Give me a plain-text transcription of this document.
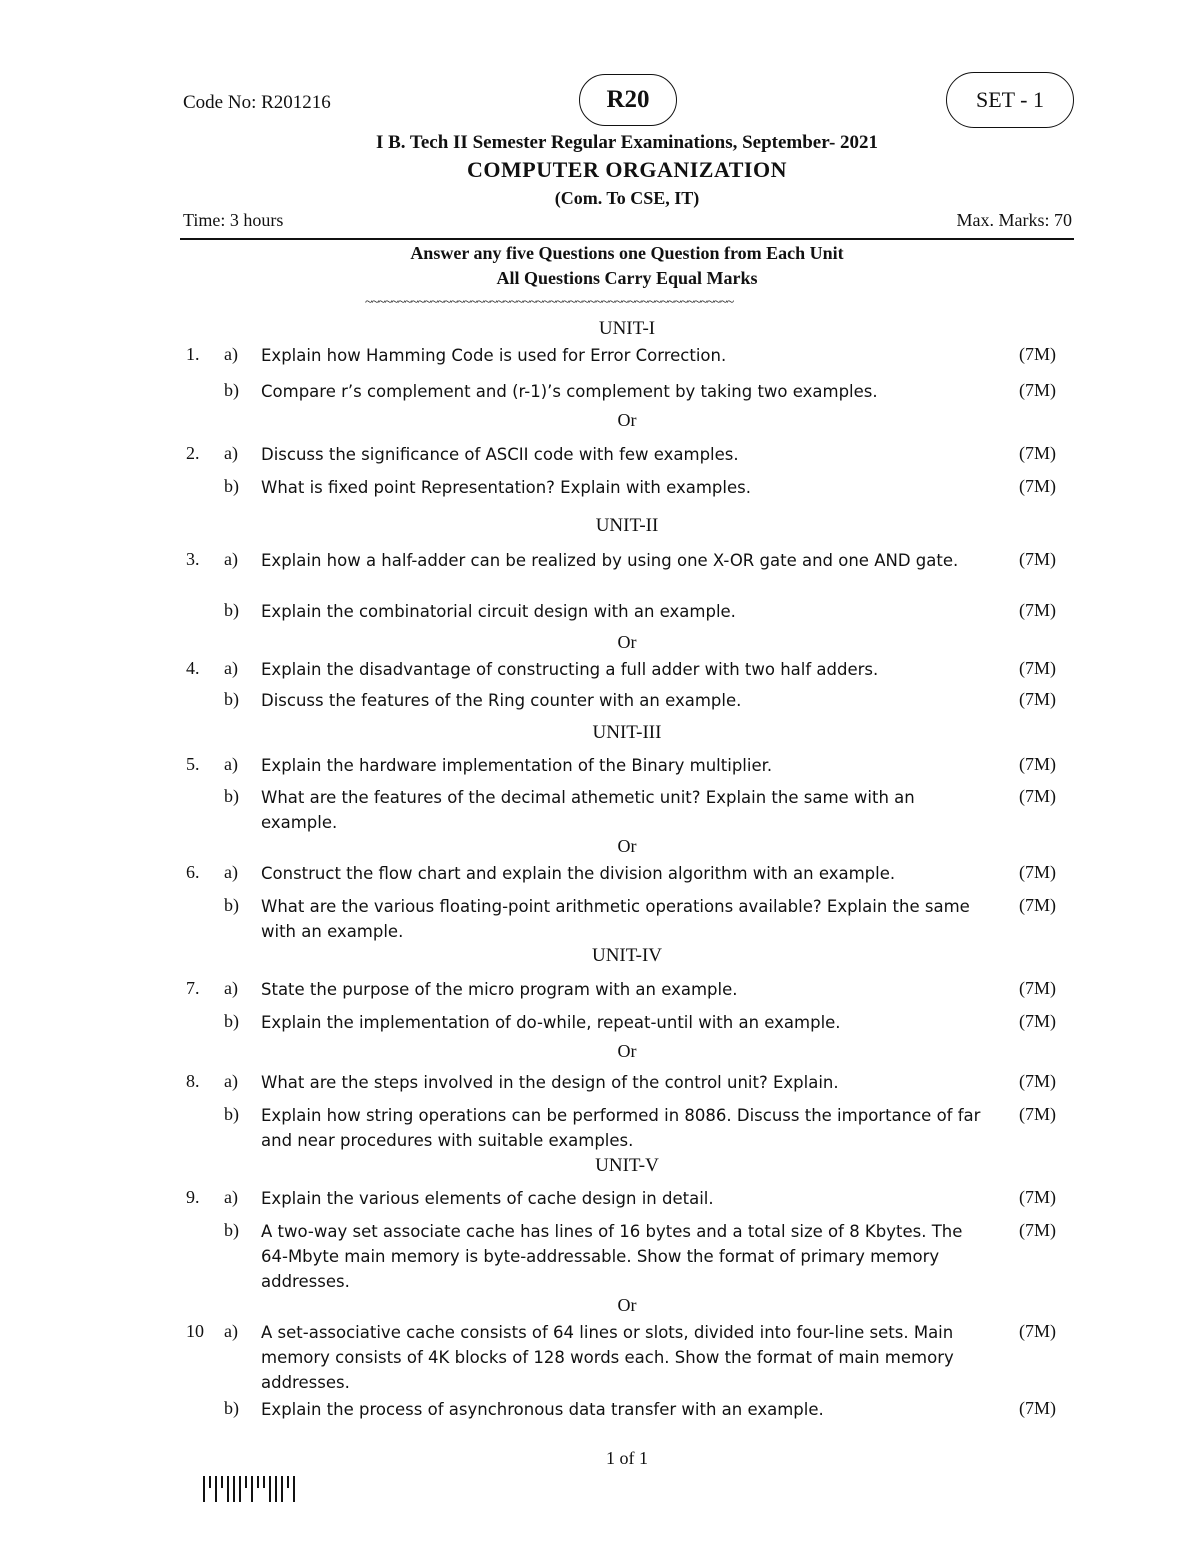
Code No: R201216	R20	SET - 1
I B. Tech II Semester Regular Examinations, September- 2021
COMPUTER ORGANIZATION
(Com. To CSE, IT)
Time: 3 hours	Max. Marks: 70
Answer any five Questions one Question from Each Unit
All Questions Carry Equal Marks
~~~~~~~~~~~~~~~~~~~~~~~~~~~~~~~~~~~~~~~~~~~~~~~~~~~~~~~~
UNIT-I
1.	a) Explain how Hamming Code is used for Error Correction.	(7M)
b) Compare r’s complement and (r-1)’s complement by taking two examples.	(7M)
Or
2.	a) Discuss the significance of ASCII code with few examples.	(7M)
b) What is fixed point Representation? Explain with examples.	(7M)
UNIT-II
3.	a) Explain how a half-adder can be realized by using one X-OR gate and one AND gate.	(7M)
b) Explain the combinatorial circuit design with an example.	(7M)
Or
4.	a) Explain the disadvantage of constructing a full adder with two half adders.	(7M)
b) Discuss the features of the Ring counter with an example.	(7M)
UNIT-III
5.	a) Explain the hardware implementation of the Binary multiplier.	(7M)
b) What are the features of the decimal athemetic unit? Explain the same with an example.
(7M)
Or
6.	a) Construct the flow chart and explain the division algorithm with an example.	(7M)
b) What are the various floating-point arithmetic operations available? Explain the same with an example.
(7M)
UNIT-IV
7.	a) State the purpose of the micro program with an example.	(7M)
b) Explain the implementation of do-while, repeat-until with an example.	(7M)
Or
8.	a) What are the steps involved in the design of the control unit? Explain.	(7M)
b) Explain how string operations can be performed in 8086. Discuss the importance of far and near procedures with suitable examples.
(7M)
UNIT-V
9.	a) Explain the various elements of cache design in detail.	(7M)
b) A two-way set associate cache has lines of 16 bytes and a total size of 8 Kbytes. The 64-Mbyte main memory is byte-addressable. Show the format of primary memory addresses.
(7M)
Or
10	a) A set-associative cache consists of 64 lines or slots, divided into four-line sets. Main memory consists of 4K blocks of 128 words each. Show the format of main memory addresses.
(7M)
b) Explain the process of asynchronous data transfer with an example.	(7M)
1 of 1
